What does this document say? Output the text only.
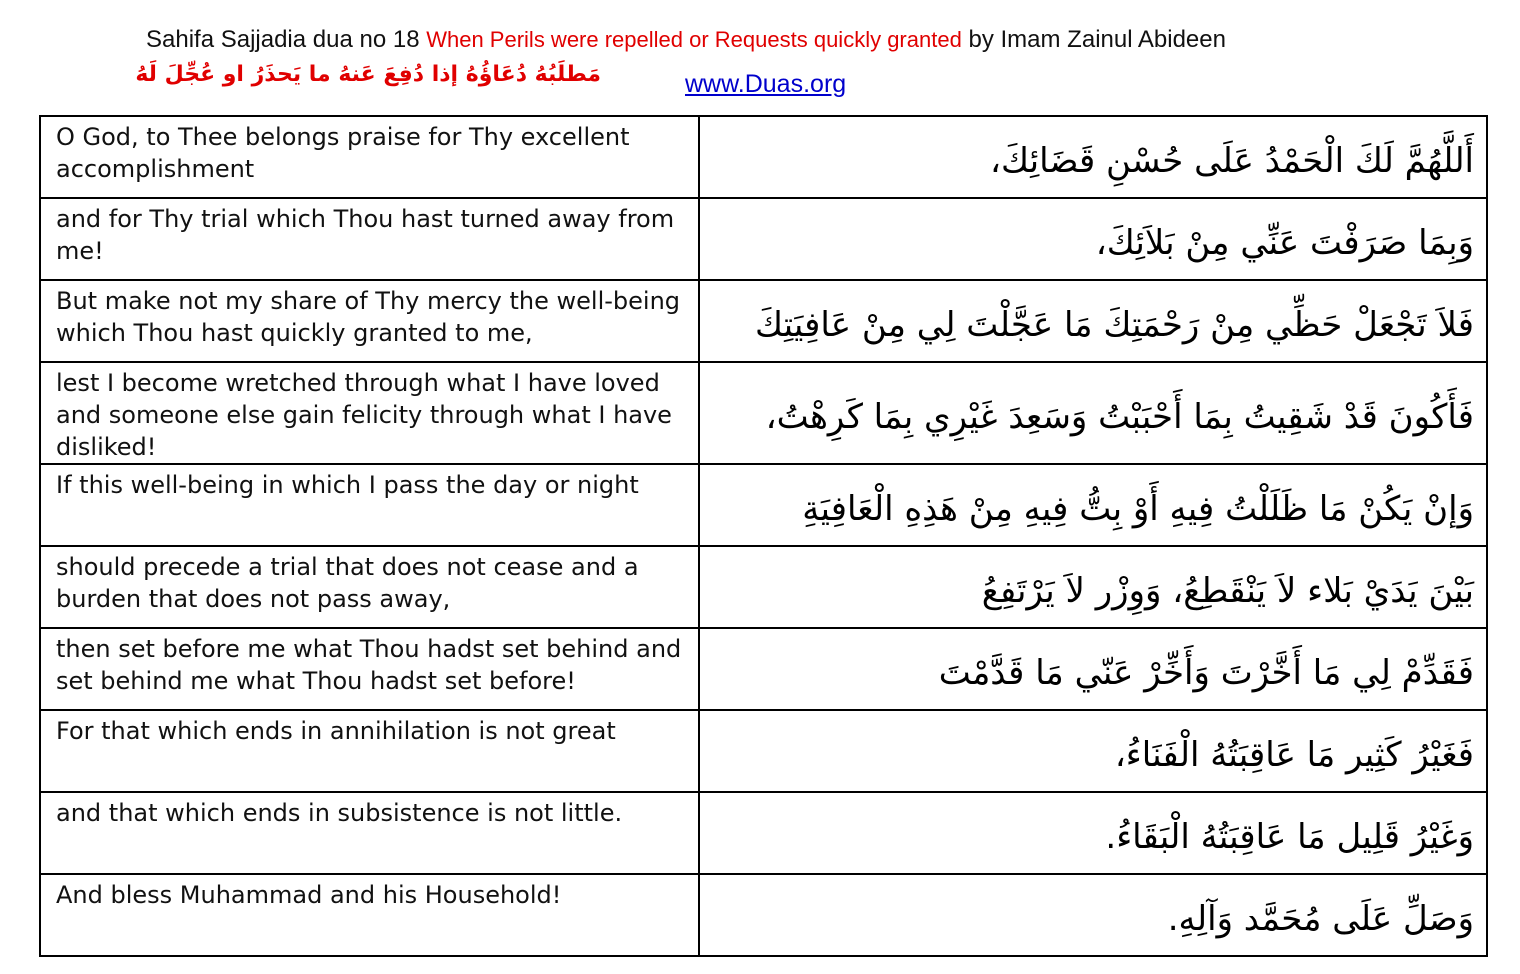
Sahifa Sajjadia dua no 18 When Perils were repelled or Requests quickly granted by Imam Zainul Abideen
مَطلَبُهُ دُعَاؤُهُ إذا دُفِعَ عَنهُ ما يَحذَرُ او عُجِّلَ لَهُ	www.Duas.org
O God, to Thee belongs praise for Thy excellent accomplishment	أَللَّهُمَّ لَكَ الْحَمْدُ عَلَى حُسْنِ قَضَائِكَ،
and for Thy trial which Thou hast turned away from me!	وَبِمَا صَرَفْتَ عَنِّي مِنْ بَلاَئِكَ،
But make not my share of Thy mercy the well-being which Thou hast quickly granted to me,	فَلاَ تَجْعَلْ حَظِّي مِنْ رَحْمَتِكَ مَا عَجَّلْتَ لِي مِنْ عَافِيَتِكَ
lest I become wretched through what I have loved and someone else gain felicity through what I have disliked!	فَأَكُونَ قَدْ شَقِيتُ بِمَا أَحْبَبْتُ وَسَعِدَ غَيْرِي بِمَا كَرِهْتُ،
If this well-being in which I pass the day or night	وَإنْ يَكُنْ مَا ظَلَلْتُ فِيهِ أَوْ بِتُّ فِيهِ مِنْ هَذِهِ الْعَافِيَةِ
should precede a trial that does not cease and a burden that does not pass away,	بَيْنَ يَدَيْ بَلاء لاَ يَنْقَطِعُ، وَوِزْر لاَ يَرْتَفِعُ
then set before me what Thou hadst set behind and set behind me what Thou hadst set before!	فَقَدِّمْ لِي مَا أَخَّرْتَ وَأَخِّرْ عَنّي مَا قَدَّمْتَ
For that which ends in annihilation is not great	فَغَيْرُ كَثِير مَا عَاقِبَتُهُ الْفَنَاءُ،
and that which ends in subsistence is not little.	وَغَيْرُ قَلِيل مَا عَاقِبَتُهُ الْبَقَاءُ.
And bless Muhammad and his Household!	وَصَلِّ عَلَى مُحَمَّد وَآلِهِ.
